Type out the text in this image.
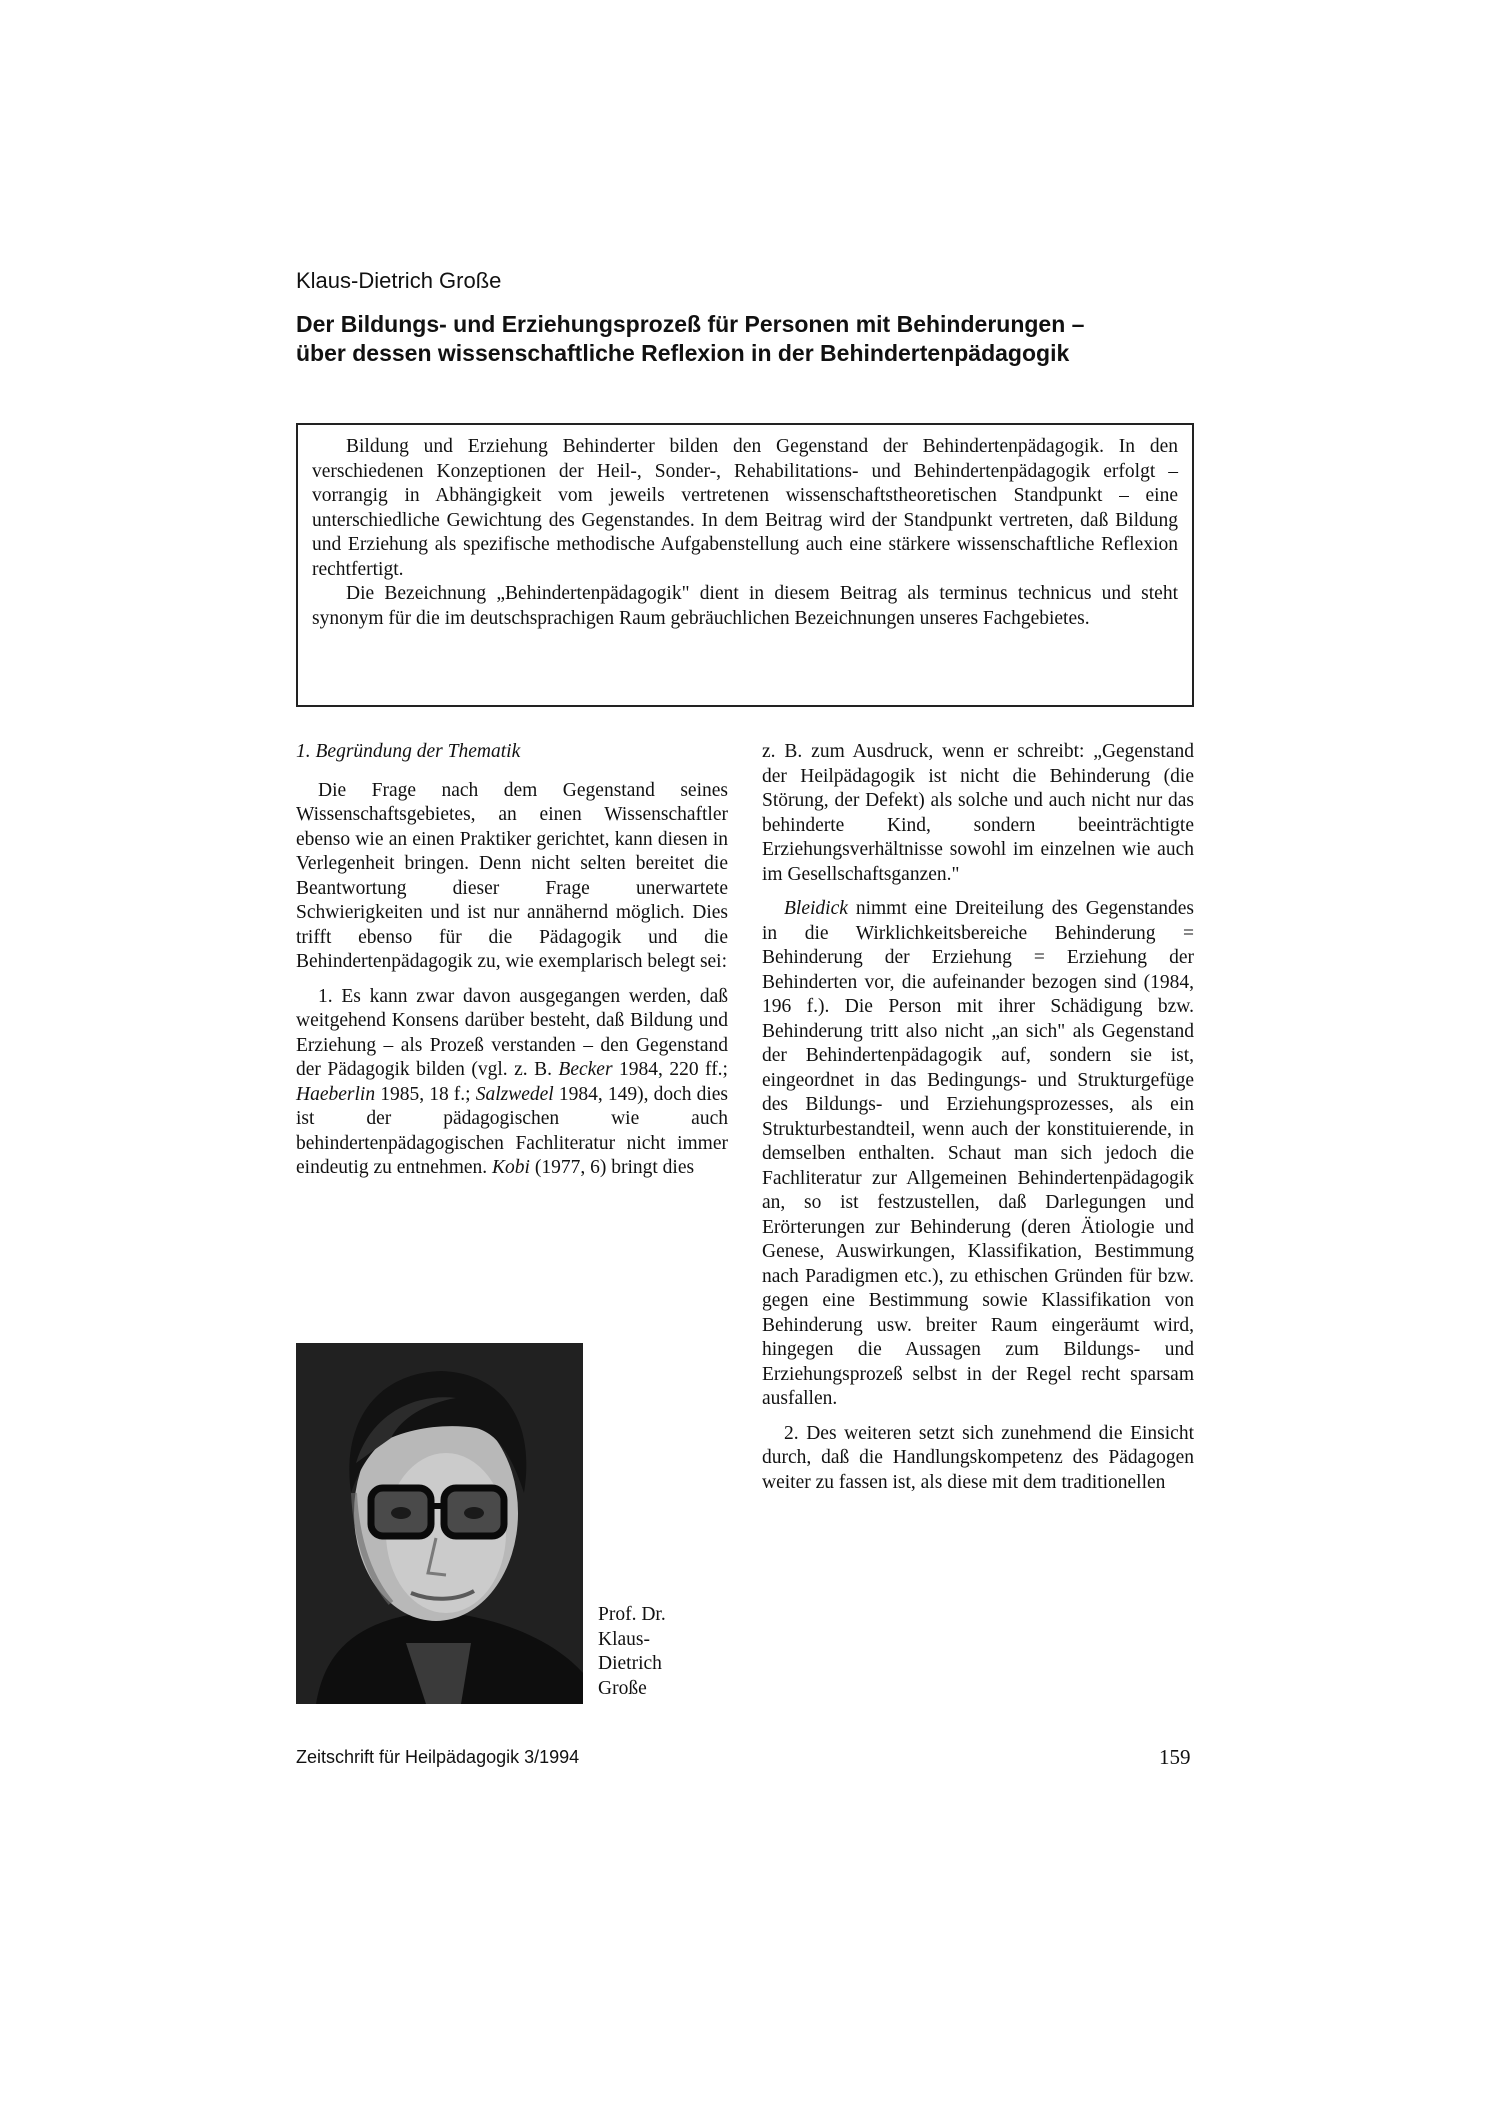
Klaus-Dietrich Große
Der Bildungs- und Erziehungsprozeß für Personen mit Behinderungen –
über dessen wissenschaftliche Reflexion in der Behindertenpädagogik

Bildung und Erziehung Behinderter bilden den Gegenstand der Behindertenpädagogik. In den verschiedenen Konzeptionen der Heil-, Sonder-, Rehabilitations- und Behindertenpädagogik erfolgt – vorrangig in Abhängigkeit vom jeweils vertretenen wissenschaftstheoretischen Standpunkt – eine unterschiedliche Gewichtung des Gegenstandes. In dem Beitrag wird der Standpunkt vertreten, daß Bildung und Erziehung als spezifische methodische Aufgabenstellung auch eine stärkere wissenschaftliche Reflexion rechtfertigt.

Die Bezeichnung „Behindertenpädagogik" dient in diesem Beitrag als terminus technicus und steht synonym für die im deutschsprachigen Raum gebräuchlichen Bezeichnungen unseres Fachgebietes.

1. Begründung der Thematik

Die Frage nach dem Gegenstand seines Wissenschaftsgebietes, an einen Wissenschaftler ebenso wie an einen Praktiker gerichtet, kann diesen in Verlegenheit bringen. Denn nicht selten bereitet die Beantwortung dieser Frage unerwartete Schwierigkeiten und ist nur annähernd möglich. Dies trifft ebenso für die Pädagogik und die Behindertenpädagogik zu, wie exemplarisch belegt sei:

1. Es kann zwar davon ausgegangen werden, daß weitgehend Konsens darüber besteht, daß Bildung und Erziehung – als Prozeß verstanden – den Gegenstand der Pädagogik bilden (vgl. z. B. Becker 1984, 220 ff.; Haeberlin 1985, 18 f.; Salzwedel 1984, 149), doch dies ist der pädagogischen wie auch behindertenpädagogischen Fachliteratur nicht immer eindeutig zu entnehmen. Kobi (1977, 6) bringt dies

Prof. Dr.
Klaus-
Dietrich
Große

z. B. zum Ausdruck, wenn er schreibt: „Gegenstand der Heilpädagogik ist nicht die Behinderung (die Störung, der Defekt) als solche und auch nicht nur das behinderte Kind, sondern beeinträchtigte Erziehungsverhältnisse sowohl im einzelnen wie auch im Gesellschaftsganzen."

Bleidick nimmt eine Dreiteilung des Gegenstandes in die Wirklichkeitsbereiche Behinderung = Behinderung der Erziehung = Erziehung der Behinderten vor, die aufeinander bezogen sind (1984, 196 f.). Die Person mit ihrer Schädigung bzw. Behinderung tritt also nicht „an sich" als Gegenstand der Behindertenpädagogik auf, sondern sie ist, eingeordnet in das Bedingungs- und Strukturgefüge des Bildungs- und Erziehungsprozesses, als ein Strukturbestandteil, wenn auch der konstituierende, in demselben enthalten. Schaut man sich jedoch die Fachliteratur zur Allgemeinen Behindertenpädagogik an, so ist festzustellen, daß Darlegungen und Erörterungen zur Behinderung (deren Ätiologie und Genese, Auswirkungen, Klassifikation, Bestimmung nach Paradigmen etc.), zu ethischen Gründen für bzw. gegen eine Bestimmung sowie Klassifikation von Behinderung usw. breiter Raum eingeräumt wird, hingegen die Aussagen zum Bildungs- und Erziehungsprozeß selbst in der Regel recht sparsam ausfallen.

2. Des weiteren setzt sich zunehmend die Einsicht durch, daß die Handlungskompetenz des Pädagogen weiter zu fassen ist, als diese mit dem traditionellen

Zeitschrift für Heilpädagogik 3/1994	159
